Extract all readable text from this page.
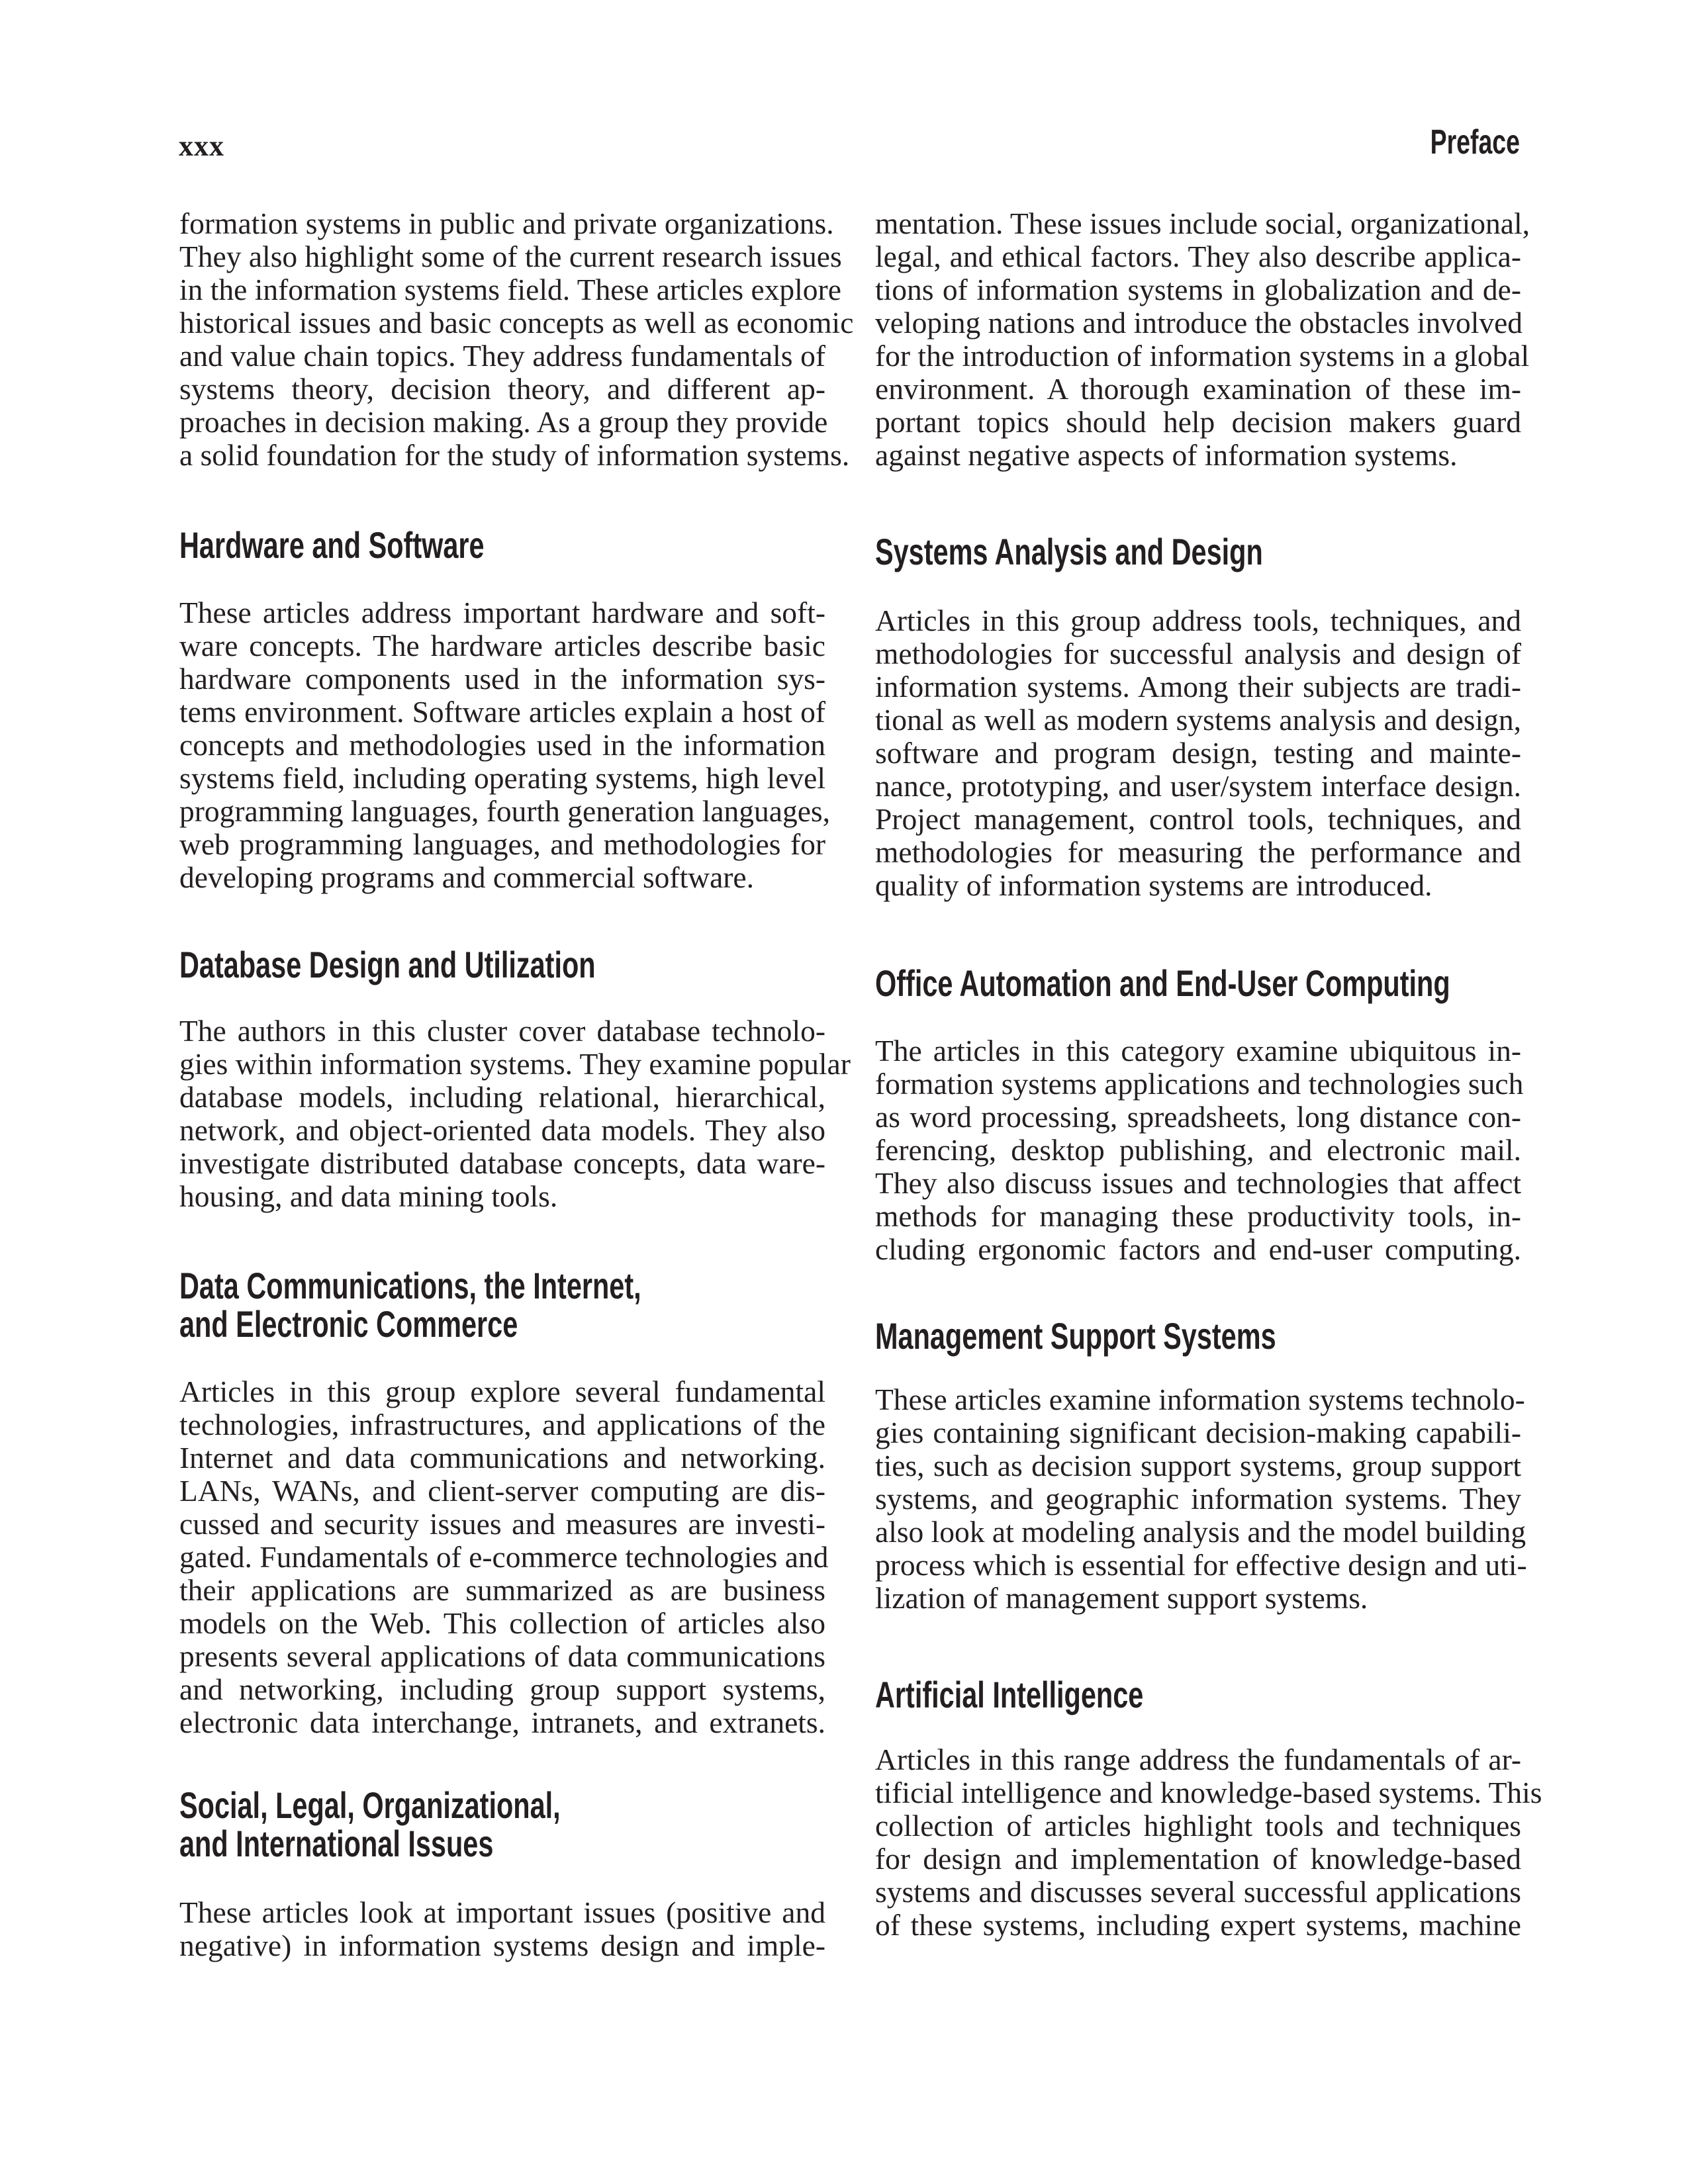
xxx	Preface

formation systems in public and private organizations.
They also highlight some of the current research issues
in the information systems field. These articles explore
historical issues and basic concepts as well as economic
and value chain topics. They address fundamentals of
systems theory, decision theory, and different ap-
proaches in decision making. As a group they provide
a solid foundation for the study of information systems.

Hardware and Software

These articles address important hardware and soft-
ware concepts. The hardware articles describe basic
hardware components used in the information sys-
tems environment. Software articles explain a host of
concepts and methodologies used in the information
systems field, including operating systems, high level
programming languages, fourth generation languages,
web programming languages, and methodologies for
developing programs and commercial software.

Database Design and Utilization

The authors in this cluster cover database technolo-
gies within information systems. They examine popular
database models, including relational, hierarchical,
network, and object-oriented data models. They also
investigate distributed database concepts, data ware-
housing, and data mining tools.

Data Communications, the Internet,
and Electronic Commerce

Articles in this group explore several fundamental
technologies, infrastructures, and applications of the
Internet and data communications and networking.
LANs, WANs, and client-server computing are dis-
cussed and security issues and measures are investi-
gated. Fundamentals of e-commerce technologies and
their applications are summarized as are business
models on the Web. This collection of articles also
presents several applications of data communications
and networking, including group support systems,
electronic data interchange, intranets, and extranets.

Social, Legal, Organizational,
and International Issues

These articles look at important issues (positive and
negative) in information systems design and imple-

mentation. These issues include social, organizational,
legal, and ethical factors. They also describe applica-
tions of information systems in globalization and de-
veloping nations and introduce the obstacles involved
for the introduction of information systems in a global
environment. A thorough examination of these im-
portant topics should help decision makers guard
against negative aspects of information systems.

Systems Analysis and Design

Articles in this group address tools, techniques, and
methodologies for successful analysis and design of
information systems. Among their subjects are tradi-
tional as well as modern systems analysis and design,
software and program design, testing and mainte-
nance, prototyping, and user/system interface design.
Project management, control tools, techniques, and
methodologies for measuring the performance and
quality of information systems are introduced.

Office Automation and End-User Computing

The articles in this category examine ubiquitous in-
formation systems applications and technologies such
as word processing, spreadsheets, long distance con-
ferencing, desktop publishing, and electronic mail.
They also discuss issues and technologies that affect
methods for managing these productivity tools, in-
cluding ergonomic factors and end-user computing.

Management Support Systems

These articles examine information systems technolo-
gies containing significant decision-making capabili-
ties, such as decision support systems, group support
systems, and geographic information systems. They
also look at modeling analysis and the model building
process which is essential for effective design and uti-
lization of management support systems.

Artificial Intelligence

Articles in this range address the fundamentals of ar-
tificial intelligence and knowledge-based systems. This
collection of articles highlight tools and techniques
for design and implementation of knowledge-based
systems and discusses several successful applications
of these systems, including expert systems, machine
